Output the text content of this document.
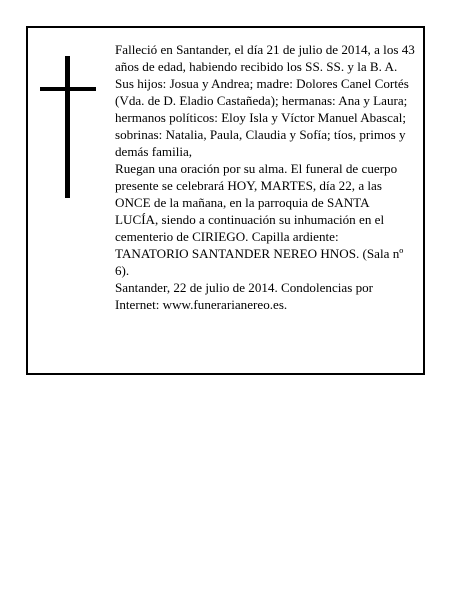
Falleció en Santander, el día 21 de julio de 2014, a los 43 años de edad, habiendo recibido los SS. SS. y la B. A.

Sus hijos: Josua y Andrea; madre: Dolores Canel Cortés (Vda. de D. Eladio Castañeda); hermanas: Ana y Laura; hermanos políticos: Eloy Isla y Víctor Manuel Abascal; sobrinas: Natalia, Paula, Claudia y Sofía; tíos, primos y demás familia,

Ruegan una oración por su alma. El funeral de cuerpo presente se celebrará HOY, MARTES, día 22, a las ONCE de la mañana, en la parroquia de SANTA LUCÍA, siendo a continuación su inhumación en el cementerio de CIRIEGO. Capilla ardiente: TANATORIO SANTANDER NEREO HNOS. (Sala nº 6).

Santander, 22 de julio de 2014. Condolencias por Internet: www.funerarianereo.es.
